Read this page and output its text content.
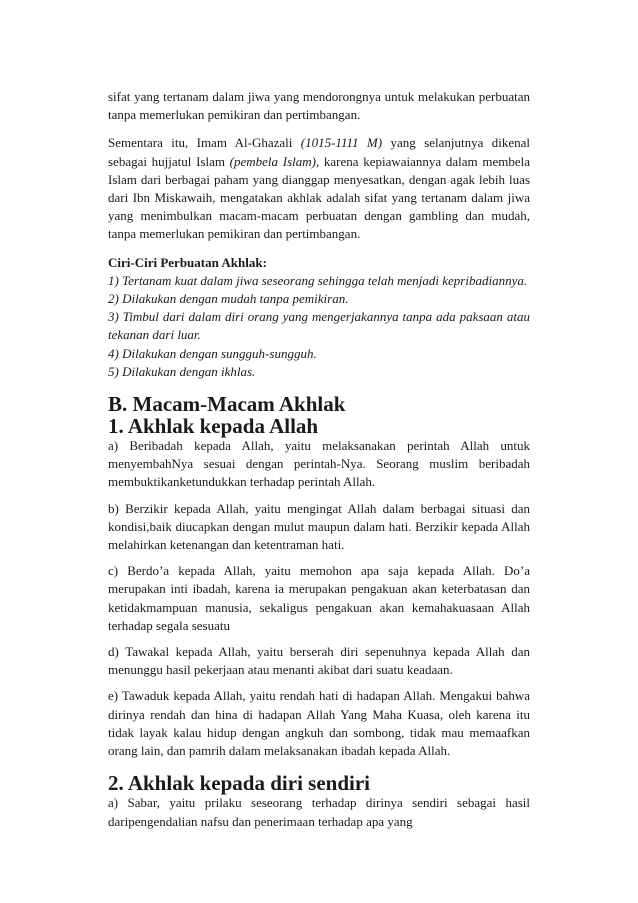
sifat yang tertanam dalam jiwa yang mendorongnya untuk melakukan perbuatan tanpa memerlukan pemikiran dan pertimbangan.

Sementara itu, Imam Al-Ghazali (1015-1111 M) yang selanjutnya dikenal sebagai hujjatul Islam (pembela Islam), karena kepiawaiannya dalam membela Islam dari berbagai paham yang dianggap menyesatkan, dengan agak lebih luas dari Ibn Miskawaih, mengatakan akhlak adalah sifat yang tertanam dalam jiwa yang menimbulkan macam-macam perbuatan dengan gambling dan mudah, tanpa memerlukan pemikiran dan pertimbangan.

Ciri-Ciri Perbuatan Akhlak:

1) Tertanam kuat dalam jiwa seseorang sehingga telah menjadi kepribadiannya.

2) Dilakukan dengan mudah tanpa pemikiran.

3) Timbul dari dalam diri orang yang mengerjakannya tanpa ada paksaan atau tekanan dari luar.

4) Dilakukan dengan sungguh-sungguh.

5) Dilakukan dengan ikhlas.

B. Macam-Macam Akhlak
1. Akhlak kepada Allah

a) Beribadah kepada Allah, yaitu melaksanakan perintah Allah untuk menyembahNya sesuai dengan perintah-Nya. Seorang muslim beribadah membuktikanketundukkan terhadap perintah Allah.

b) Berzikir kepada Allah, yaitu mengingat Allah dalam berbagai situasi dan kondisi,baik diucapkan dengan mulut maupun dalam hati. Berzikir kepada Allah melahirkan ketenangan dan ketentraman hati.

c) Berdo’a kepada Allah, yaitu memohon apa saja kepada Allah. Do’a merupakan inti ibadah, karena ia merupakan pengakuan akan keterbatasan dan ketidakmampuan manusia, sekaligus pengakuan akan kemahakuasaan Allah terhadap segala sesuatu

d) Tawakal kepada Allah, yaitu berserah diri sepenuhnya kepada Allah dan menunggu hasil pekerjaan atau menanti akibat dari suatu keadaan.

e) Tawaduk kepada Allah, yaitu rendah hati di hadapan Allah. Mengakui bahwa dirinya rendah dan hina di hadapan Allah Yang Maha Kuasa, oleh karena itu tidak layak kalau hidup dengan angkuh dan sombong, tidak mau memaafkan orang lain, dan pamrih dalam melaksanakan ibadah kepada Allah.

2. Akhlak kepada diri sendiri

a) Sabar, yaitu prilaku seseorang terhadap dirinya sendiri sebagai hasil daripengendalian nafsu dan penerimaan terhadap apa yang
